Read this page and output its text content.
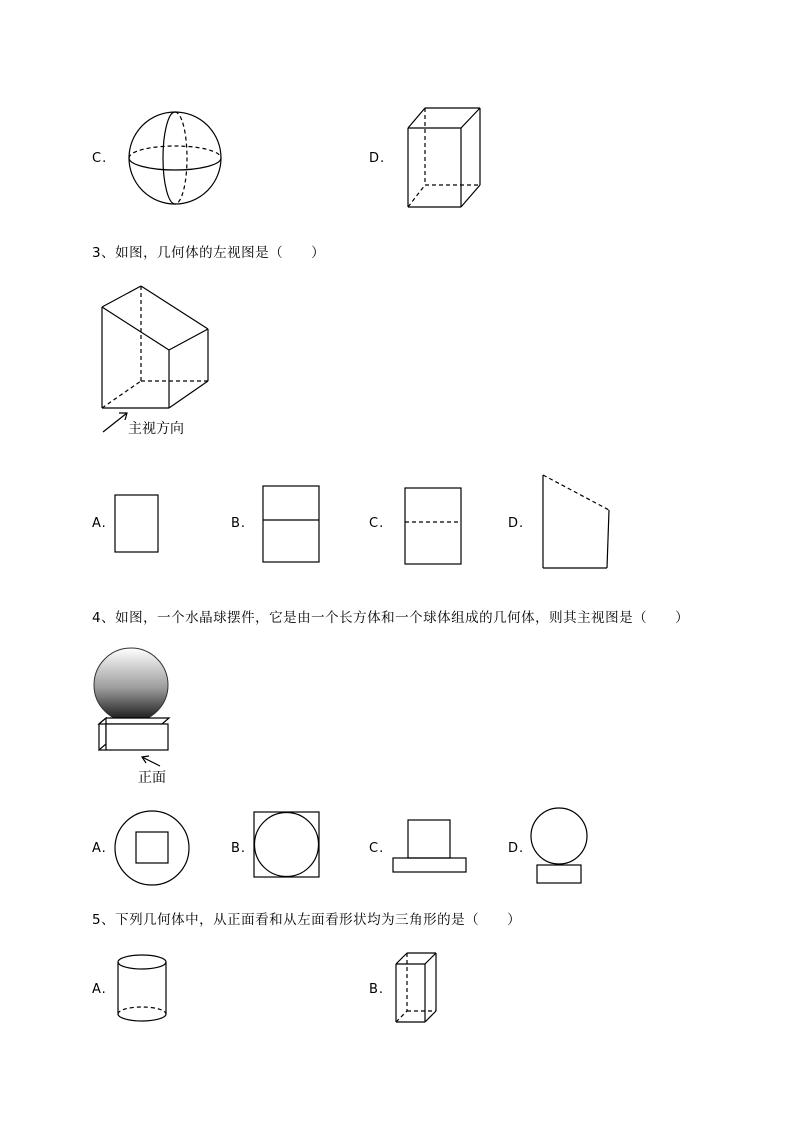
C.	D.
3、如图，几何体的左视图是（　　）
主视方向
A.	B.	C.	D.
4、如图，一个水晶球摆件，它是由一个长方体和一个球体组成的几何体，则其主视图是（　　）
正面
A.	B.	C.	D.
5、下列几何体中，从正面看和从左面看形状均为三角形的是（　　）
A.	B.
